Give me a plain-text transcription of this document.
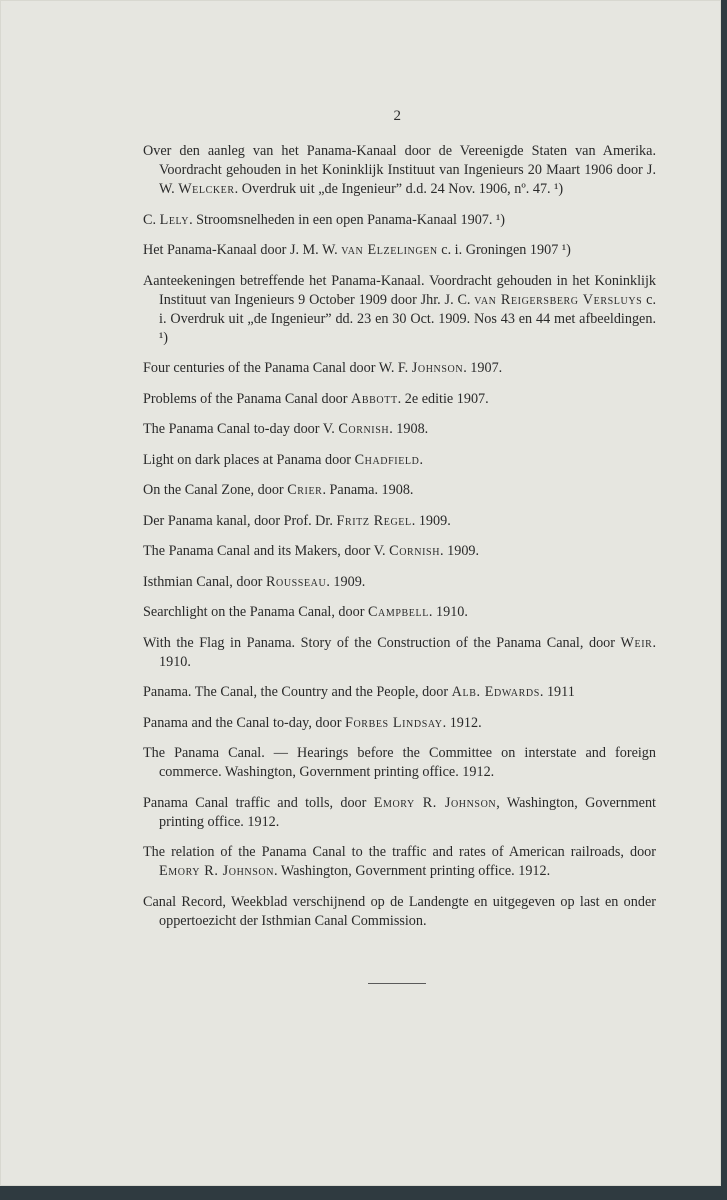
2
Over den aanleg van het Panama-Kanaal door de Vereenigde Staten van Amerika. Voordracht gehouden in het Koninklijk Instituut van Ingenieurs 20 Maart 1906 door J. W. Welcker. Overdruk uit „de Ingenieur” d.d. 24 Nov. 1906, nº. 47. ¹)
C. Lely. Stroomsnelheden in een open Panama-Kanaal 1907. ¹)
Het Panama-Kanaal door J. M. W. van Elzelingen c. i. Groningen 1907 ¹)
Aanteekeningen betreffende het Panama-Kanaal. Voordracht gehouden in het Koninklijk Instituut van Ingenieurs 9 October 1909 door Jhr. J. C. van Reigersberg Versluys c. i. Overdruk uit „de Ingenieur” dd. 23 en 30 Oct. 1909. Nos 43 en 44 met afbeeldingen. ¹)
Four centuries of the Panama Canal door W. F. Johnson. 1907.
Problems of the Panama Canal door Abbott. 2e editie 1907.
The Panama Canal to-day door V. Cornish. 1908.
Light on dark places at Panama door Chadfield.
On the Canal Zone, door Crier. Panama. 1908.
Der Panama kanal, door Prof. Dr. Fritz Regel. 1909.
The Panama Canal and its Makers, door V. Cornish. 1909.
Isthmian Canal, door Rousseau. 1909.
Searchlight on the Panama Canal, door Campbell. 1910.
With the Flag in Panama. Story of the Construction of the Panama Canal, door Weir. 1910.
Panama. The Canal, the Country and the People, door Alb. Edwards. 1911
Panama and the Canal to-day, door Forbes Lindsay. 1912.
The Panama Canal. — Hearings before the Committee on interstate and foreign commerce. Washington, Government printing office. 1912.
Panama Canal traffic and tolls, door Emory R. Johnson, Washington, Government printing office. 1912.
The relation of the Panama Canal to the traffic and rates of American railroads, door Emory R. Johnson. Washington, Government printing office. 1912.
Canal Record, Weekblad verschijnend op de Landengte en uitgegeven op last en onder oppertoezicht der Isthmian Canal Commission.
